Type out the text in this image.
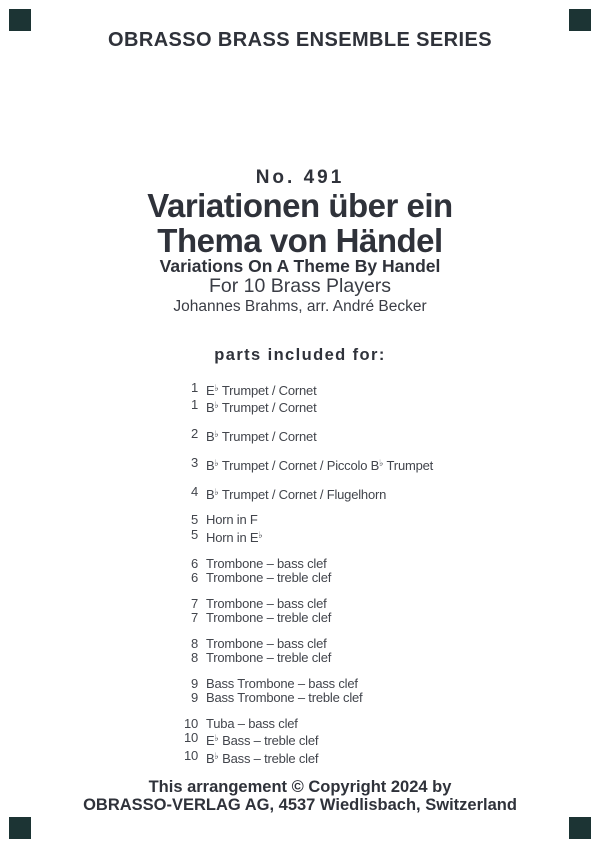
OBRASSO BRASS ENSEMBLE SERIES
No. 491
Variationen über ein
Thema von Händel
Variations On A Theme By Handel
For 10 Brass Players
Johannes Brahms, arr. André Becker
parts included for:
1 E♭ Trumpet / Cornet
1 B♭ Trumpet / Cornet
2 B♭ Trumpet / Cornet
3 B♭ Trumpet / Cornet / Piccolo B♭ Trumpet
4 B♭ Trumpet / Cornet / Flugelhorn
5 Horn in F
5 Horn in E♭
6 Trombone – bass clef
6 Trombone – treble clef
7 Trombone – bass clef
7 Trombone – treble clef
8 Trombone – bass clef
8 Trombone – treble clef
9 Bass Trombone – bass clef
9 Bass Trombone – treble clef
10 Tuba – bass clef
10 E♭ Bass – treble clef
10 B♭ Bass – treble clef
This arrangement © Copyright 2024 by
OBRASSO-VERLAG AG, 4537 Wiedlisbach, Switzerland
